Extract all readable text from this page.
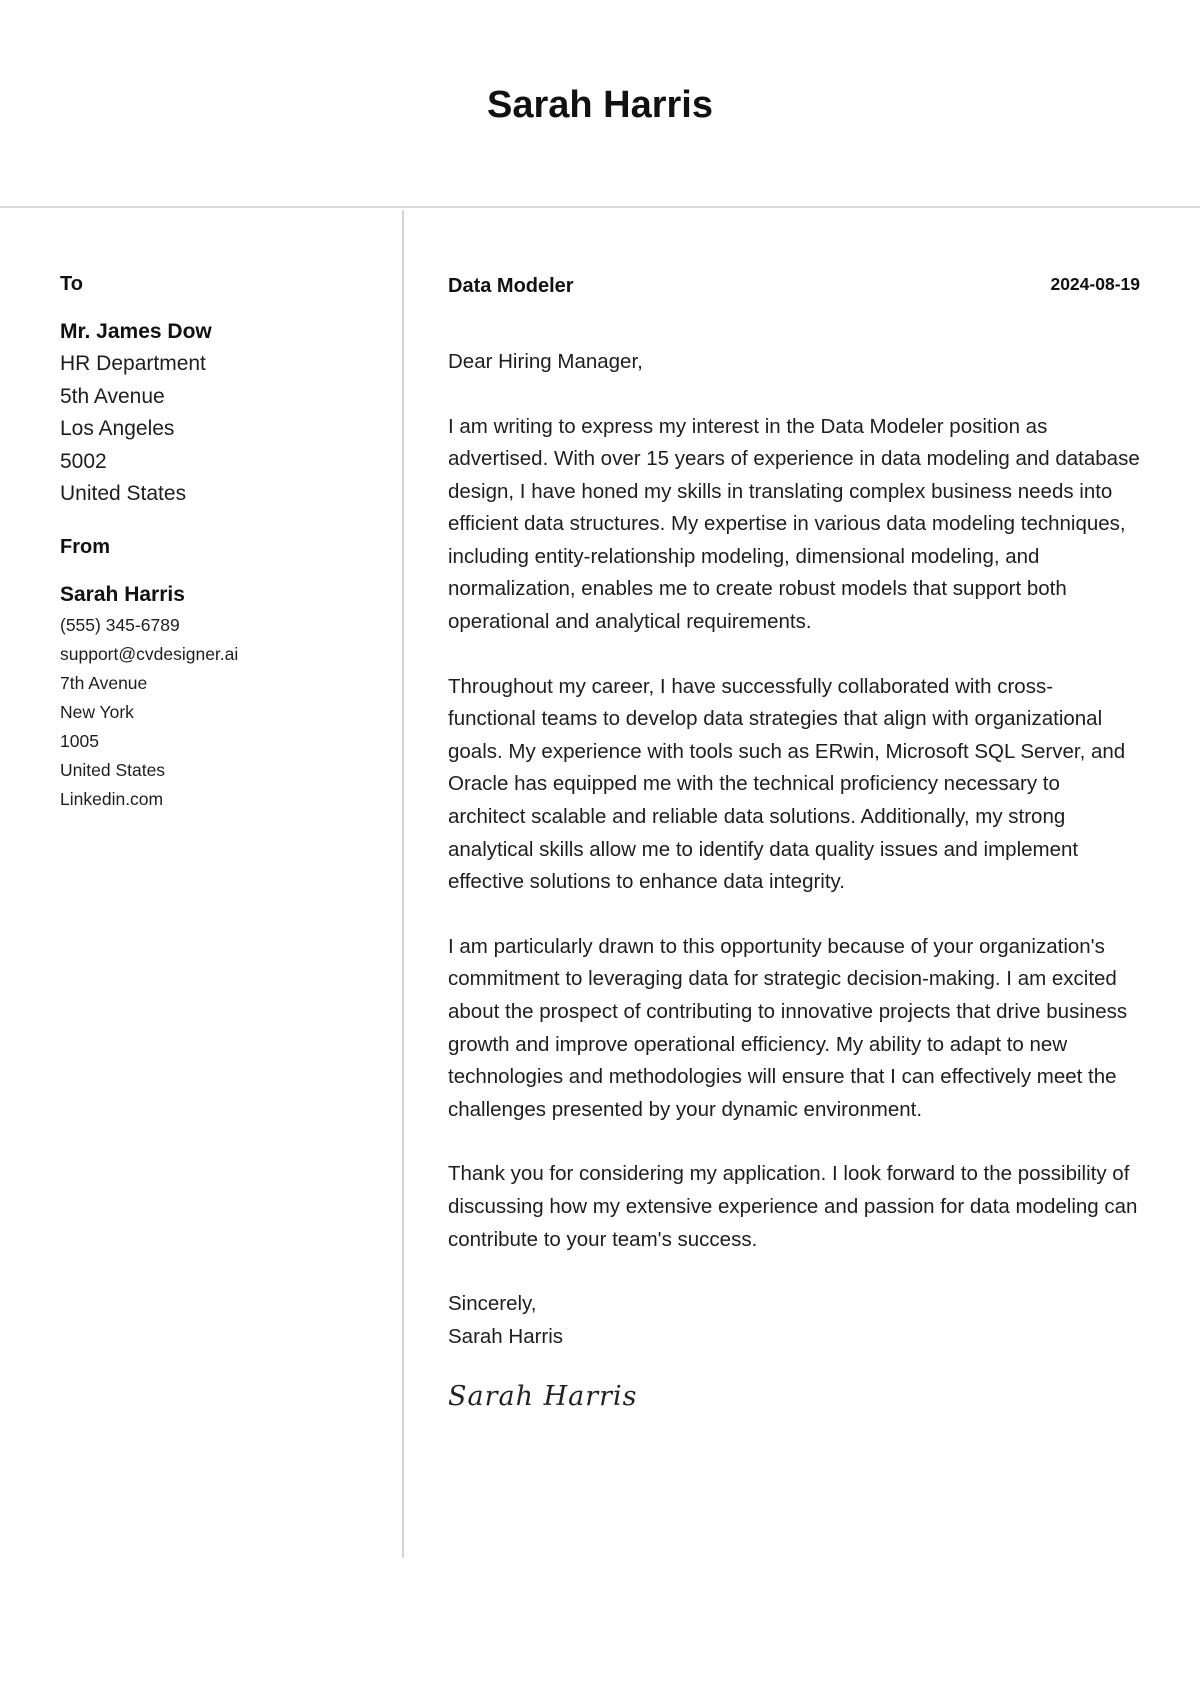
Sarah Harris
To
Mr. James Dow
HR Department
5th Avenue
Los Angeles
5002
United States
From
Sarah Harris
(555) 345-6789
support@cvdesigner.ai
7th Avenue
New York
1005
United States
Linkedin.com
Data Modeler	2024-08-19
Dear Hiring Manager,
I am writing to express my interest in the Data Modeler position as advertised. With over 15 years of experience in data modeling and database design, I have honed my skills in translating complex business needs into efficient data structures. My expertise in various data modeling techniques, including entity-relationship modeling, dimensional modeling, and normalization, enables me to create robust models that support both operational and analytical requirements.
Throughout my career, I have successfully collaborated with cross-functional teams to develop data strategies that align with organizational goals. My experience with tools such as ERwin, Microsoft SQL Server, and Oracle has equipped me with the technical proficiency necessary to architect scalable and reliable data solutions. Additionally, my strong analytical skills allow me to identify data quality issues and implement effective solutions to enhance data integrity.
I am particularly drawn to this opportunity because of your organization's commitment to leveraging data for strategic decision-making. I am excited about the prospect of contributing to innovative projects that drive business growth and improve operational efficiency. My ability to adapt to new technologies and methodologies will ensure that I can effectively meet the challenges presented by your dynamic environment.
Thank you for considering my application. I look forward to the possibility of discussing how my extensive experience and passion for data modeling can contribute to your team's success.
Sincerely,
Sarah Harris
Sarah Harris
